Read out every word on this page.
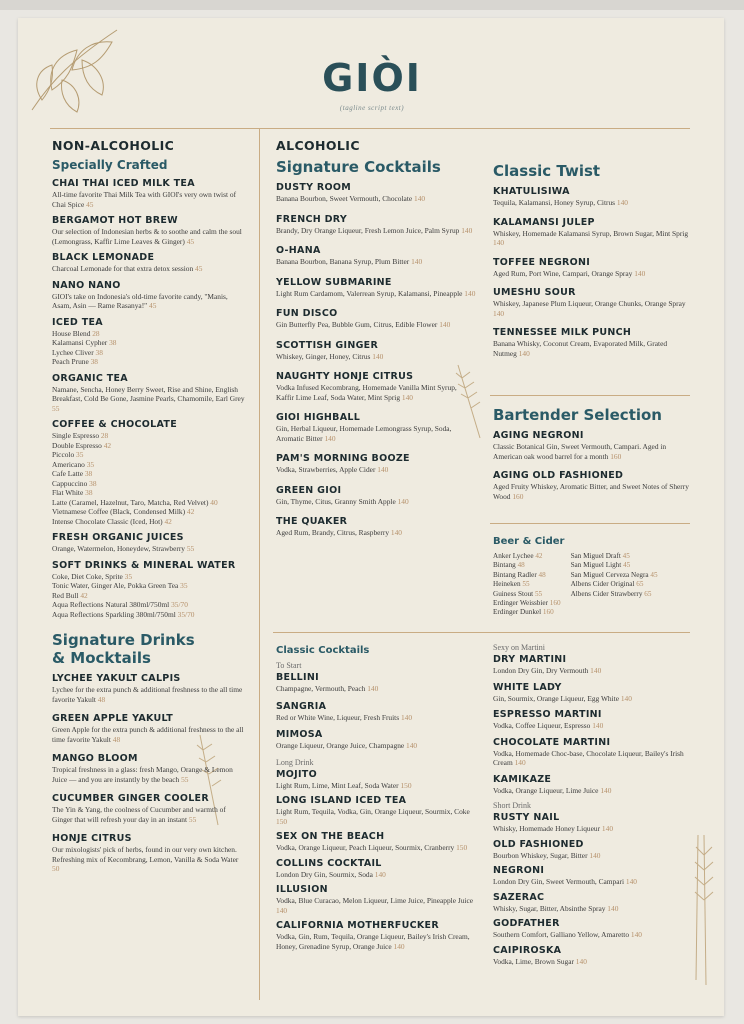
GIÒI
(tagline script text)
NON-ALCOHOLIC
Specially Crafted
CHAI THAI ICED MILK TEA
All-time favorite Thai Milk Tea with GIOI's very own twist of Chai Spice 45
BERGAMOT HOT BREW
Our selection of Indonesian herbs & to soothe and calm the soul (Lemongrass, Kaffir Lime Leaves & Ginger) 45
BLACK LEMONADE
Charcoal Lemonade for that extra detox session 45
NANO NANO
GIOI's take on Indonesia's old-time favorite candy, "Manis, Asam, Asin — Rame Rasanya!" 45
ICED TEA
House Blend 28
Kalamansi Cypher 38
Lychee Cliver 38
Peach Prune 38
ORGANIC TEA
Namane, Sencha, Honey Berry Sweet, Rise and Shine, English Breakfast, Cold Be Gone, Jasmine Pearls, Chamomile, Earl Grey 55
COFFEE & CHOCOLATE
Single Espresso 28
Double Espresso 42
Piccolo 35
Americano 35
Cafe Latte 38
Cappuccino 38
Flat White 38
Latte (Caramel, Hazelnut, Taro, Matcha, Red Velvet) 40
Vietnamese Coffee (Black, Condensed Milk) 42
Intense Chocolate Classic (Iced, Hot) 42
FRESH ORGANIC JUICES
Orange, Watermelon, Honeydew, Strawberry 55
SOFT DRINKS & MINERAL WATER
Coke, Diet Coke, Sprite 35
Tonic Water, Ginger Ale, Pokka Green Tea 35
Red Bull 42
Aqua Reflections Natural 380ml/750ml 35/70
Aqua Reflections Sparkling 380ml/750ml 35/70
Signature Drinks
& Mocktails
LYCHEE YAKULT CALPIS
Lychee for the extra punch & additional freshness to the all time favorite Yakult 48
GREEN APPLE YAKULT
Green Apple for the extra punch & additional freshness to the all time favorite Yakult 48
MANGO BLOOM
Tropical freshness in a glass: fresh Mango, Orange & Lemon Juice — and you are instantly by the beach 55
CUCUMBER GINGER COOLER
The Yin & Yang, the coolness of Cucumber and warmth of Ginger that will refresh your day in an instant 55
HONJE CITRUS
Our mixologists' pick of herbs, found in our very own kitchen. Refreshing mix of Kecombrang, Lemon, Vanilla & Soda Water 50
ALCOHOLIC
Signature Cocktails
DUSTY ROOM
Banana Bourbon, Sweet Vermouth, Chocolate 140
FRENCH DRY
Brandy, Dry Orange Liqueur, Fresh Lemon Juice, Palm Syrup 140
O-HANA
Banana Bourbon, Banana Syrup, Plum Bitter 140
YELLOW SUBMARINE
Light Rum Cardamom, Valerrean Syrup, Kalamansi, Pineapple 140
FUN DISCO
Gin Butterfly Pea, Bubble Gum, Citrus, Edible Flower 140
SCOTTISH GINGER
Whiskey, Ginger, Honey, Citrus 140
NAUGHTY HONJE CITRUS
Vodka Infused Kecombrang, Homemade Vanilla Mint Syrup, Kaffir Lime Leaf, Soda Water, Mint Sprig 140
GIOI HIGHBALL
Gin, Herbal Liqueur, Homemade Lemongrass Syrup, Soda, Aromatic Bitter 140
PAM'S MORNING BOOZE
Vodka, Strawberries, Apple Cider 140
GREEN GIOI
Gin, Thyme, Citus, Granny Smith Apple 140
THE QUAKER
Aged Rum, Brandy, Citrus, Raspberry 140
Classic Twist
KHATULISIWA
Tequila, Kalamansi, Honey Syrup, Citrus 140
KALAMANSI JULEP
Whiskey, Homemade Kalamansi Syrup, Brown Sugar, Mint Sprig 140
TOFFEE NEGRONI
Aged Rum, Port Wine, Campari, Orange Spray 140
UMESHU SOUR
Whiskey, Japanese Plum Liqueur, Orange Chunks, Orange Spray 140
TENNESSEE MILK PUNCH
Banana Whisky, Coconut Cream, Evaporated Milk, Grated Nutmeg 140
Bartender Selection
AGING NEGRONI
Classic Botanical Gin, Sweet Vermouth, Campari. Aged in American oak wood barrel for a month 160
AGING OLD FASHIONED
Aged Fruity Whiskey, Aromatic Bitter, and Sweet Notes of Sherry Wood 160
Beer & Cider
Anker Lychee 42
Bintang 48
Bintang Radler 48
Heineken 55
Guiness Stout 55
Erdinger Weissbier 160
Erdinger Dunkel 160
San Miguel Draft 45
San Miguel Light 45
San Miguel Cerveza Negra 45
Albens Cider Original 65
Albens Cider Strawberry 65
Classic Cocktails
To Start
BELLINI
Champagne, Vermouth, Peach 140
SANGRIA
Red or White Wine, Liqueur, Fresh Fruits 140
MIMOSA
Orange Liqueur, Orange Juice, Champagne 140
Long Drink
MOJITO
Light Rum, Lime, Mint Leaf, Soda Water 150
LONG ISLAND ICED TEA
Light Rum, Tequila, Vodka, Gin, Orange Liqueur, Sourmix, Coke 150
SEX ON THE BEACH
Vodka, Orange Liqueur, Peach Liqueur, Sourmix, Cranberry 150
COLLINS COCKTAIL
London Dry Gin, Sourmix, Soda 140
ILLUSION
Vodka, Blue Curacao, Melon Liqueur, Lime Juice, Pineapple Juice 140
CALIFORNIA MOTHERFUCKER
Vodka, Gin, Rum, Tequila, Orange Liqueur, Bailey's Irish Cream, Honey, Grenadine Syrup, Orange Juice 140
Sexy on Martini
DRY MARTINI
London Dry Gin, Dry Vermouth 140
WHITE LADY
Gin, Sourmix, Orange Liqueur, Egg White 140
ESPRESSO MARTINI
Vodka, Coffee Liqueur, Espresso 140
CHOCOLATE MARTINI
Vodka, Homemade Choc-base, Chocolate Liqueur, Bailey's Irish Cream 140
KAMIKAZE
Vodka, Orange Liqueur, Lime Juice 140
Short Drink
RUSTY NAIL
Whisky, Homemade Honey Liqueur 140
OLD FASHIONED
Bourbon Whiskey, Sugar, Bitter 140
NEGRONI
London Dry Gin, Sweet Vermouth, Campari 140
SAZERAC
Whisky, Sugar, Bitter, Absinthe Spray 140
GODFATHER
Southern Comfort, Galliano Yellow, Amaretto 140
CAIPIROSKA
Vodka, Lime, Brown Sugar 140
